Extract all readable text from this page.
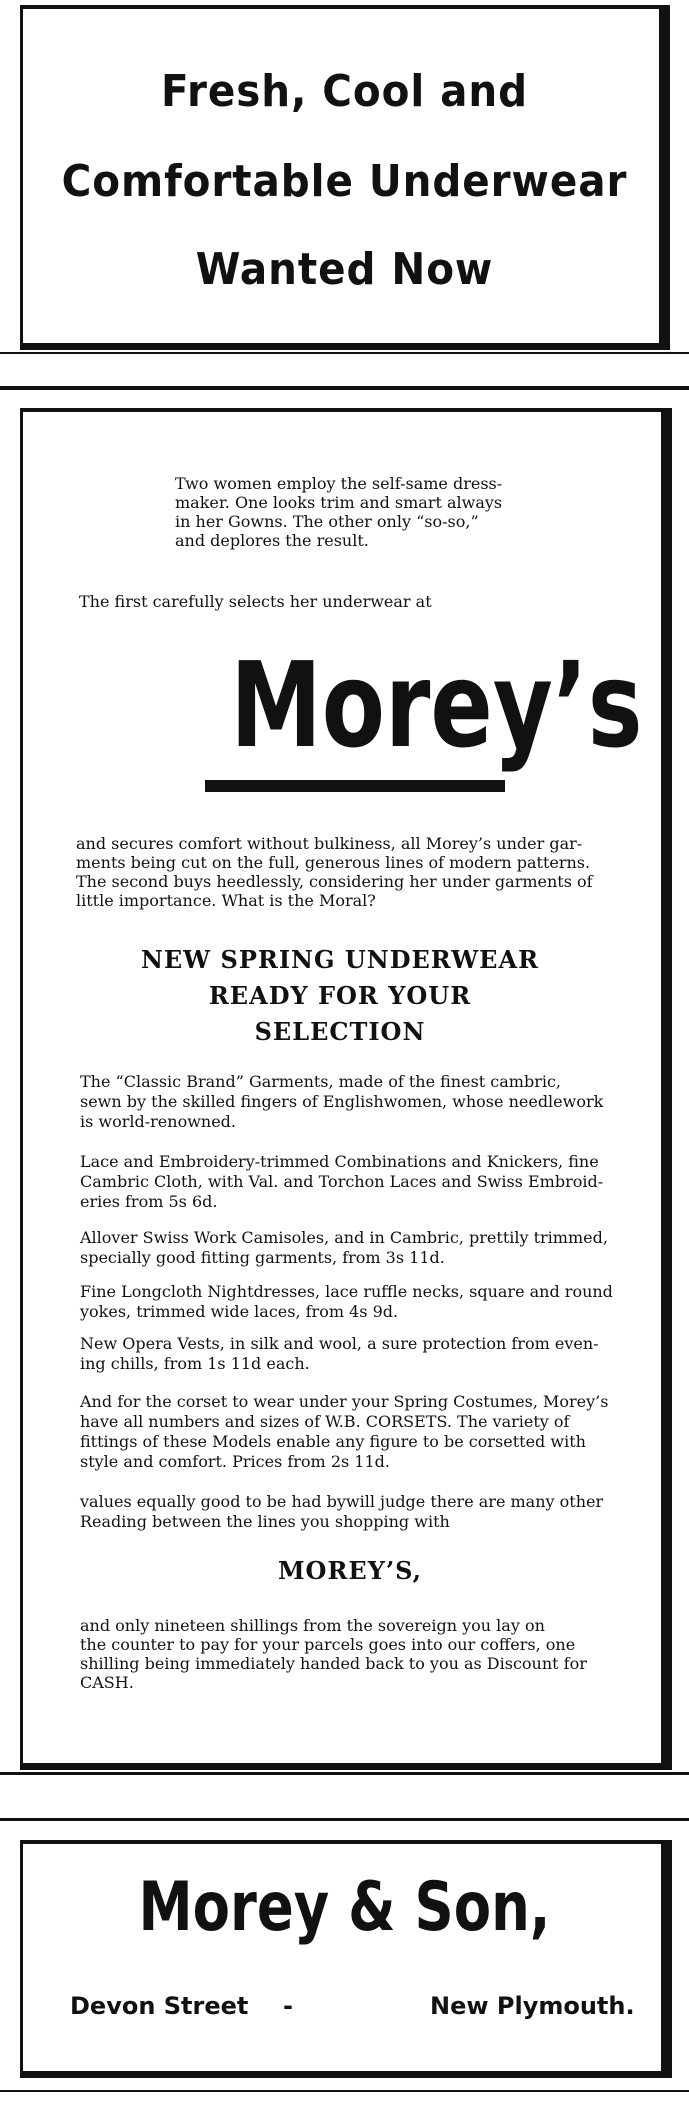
Fresh, Cool and
Comfortable Underwear
Wanted Now
Two women employ the self-same dress-
maker. One looks trim and smart always
in her Gowns. The other only “so-so,”
and deplores the result.
The first carefully selects her underwear at
Morey’s
and secures comfort without bulkiness, all Morey’s under gar-
ments being cut on the full, generous lines of modern patterns.
The second buys heedlessly, considering her under garments of
little importance. What is the Moral?
NEW SPRING UNDERWEAR
READY FOR YOUR
SELECTION
The “Classic Brand” Garments, made of the finest cambric,
sewn by the skilled fingers of Englishwomen, whose needlework
is world-renowned.
Lace and Embroidery-trimmed Combinations and Knickers, fine
Cambric Cloth, with Val. and Torchon Laces and Swiss Embroid-
eries from 5s 6d.
Allover Swiss Work Camisoles, and in Cambric, prettily trimmed,
specially good fitting garments, from 3s 11d.
Fine Longcloth Nightdresses, lace ruffle necks, square and round
yokes, trimmed wide laces, from 4s 9d.
New Opera Vests, in silk and wool, a sure protection from even-
ing chills, from 1s 11d each.
And for the corset to wear under your Spring Costumes, Morey’s
have all numbers and sizes of W.B. CORSETS. The variety of
fittings of these Models enable any figure to be corsetted with
style and comfort. Prices from 2s 11d.
values equally good to be had bywill judge there are many other
Reading between the lines you shopping with
MOREY’S,
and only nineteen shillings from the sovereign you lay on
the counter to pay for your parcels goes into our coffers, one
shilling being immediately handed back to you as Discount for
CASH.
Morey & Son,
Devon Street -	New Plymouth.
